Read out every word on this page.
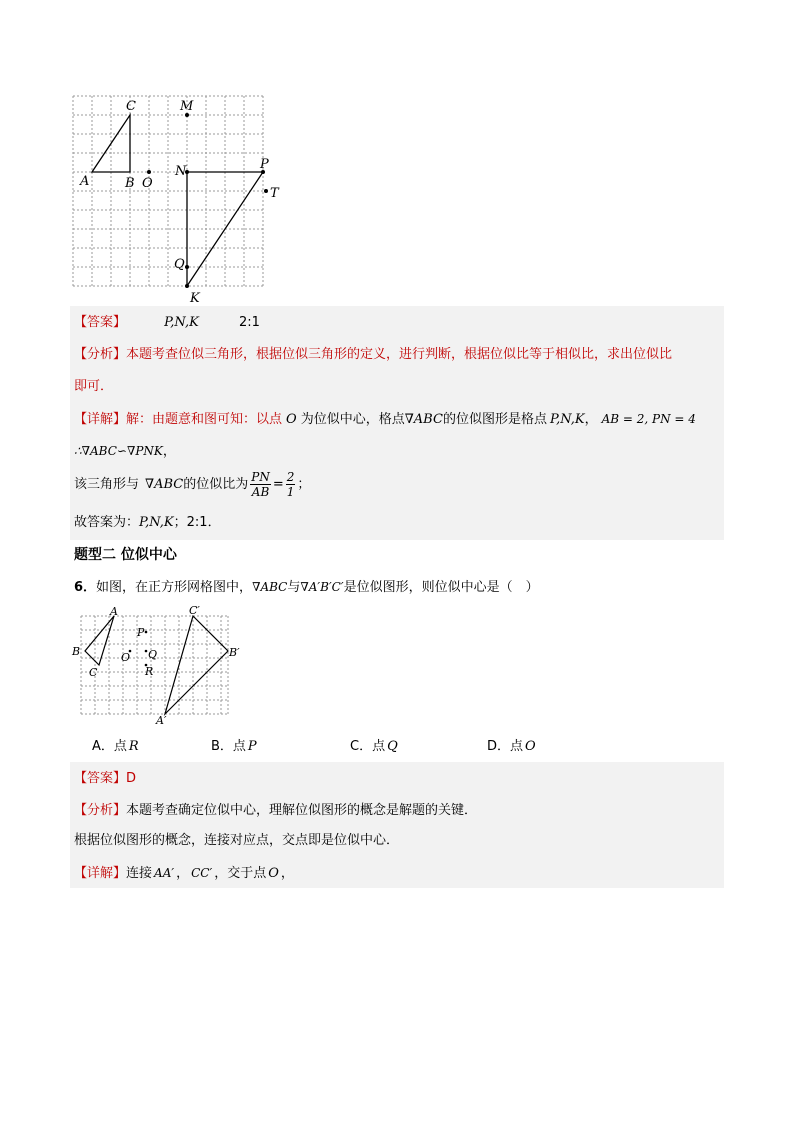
A	B
C	M
O
N	P
T
Q
K
【答案】	P,N,K	2:1
【分析】本题考查位似三角形，根据位似三角形的定义，进行判断，根据位似比等于相似比，求出位似比
即可．
【详解】解：由题意和图可知：以点 O 为位似中心，格点∇ABC的位似图形是格点 P,N,K， AB = 2, PN = 4
∴∇ABC∽∇PNK，
该三角形与 ∇ABC的位似比为 $\frac{PN}{AB} = \frac{2}{1}$ ；
故答案为：P,N,K；2:1．
题型二 位似中心
6．如图，在正方形网格图中，∇ABC与∇A′B′C′是位似图形，则位似中心是（　）
A
B
C
O
P
Q
R
A′
B′
C′
A．点 R	B．点 P	C．点 Q	D．点 O
【答案】D
【分析】本题考查确定位似中心，理解位似图形的概念是解题的关键．
根据位似图形的概念，连接对应点，交点即是位似中心．
【详解】连接 AA′ ， CC′ ，交于点 O ，
